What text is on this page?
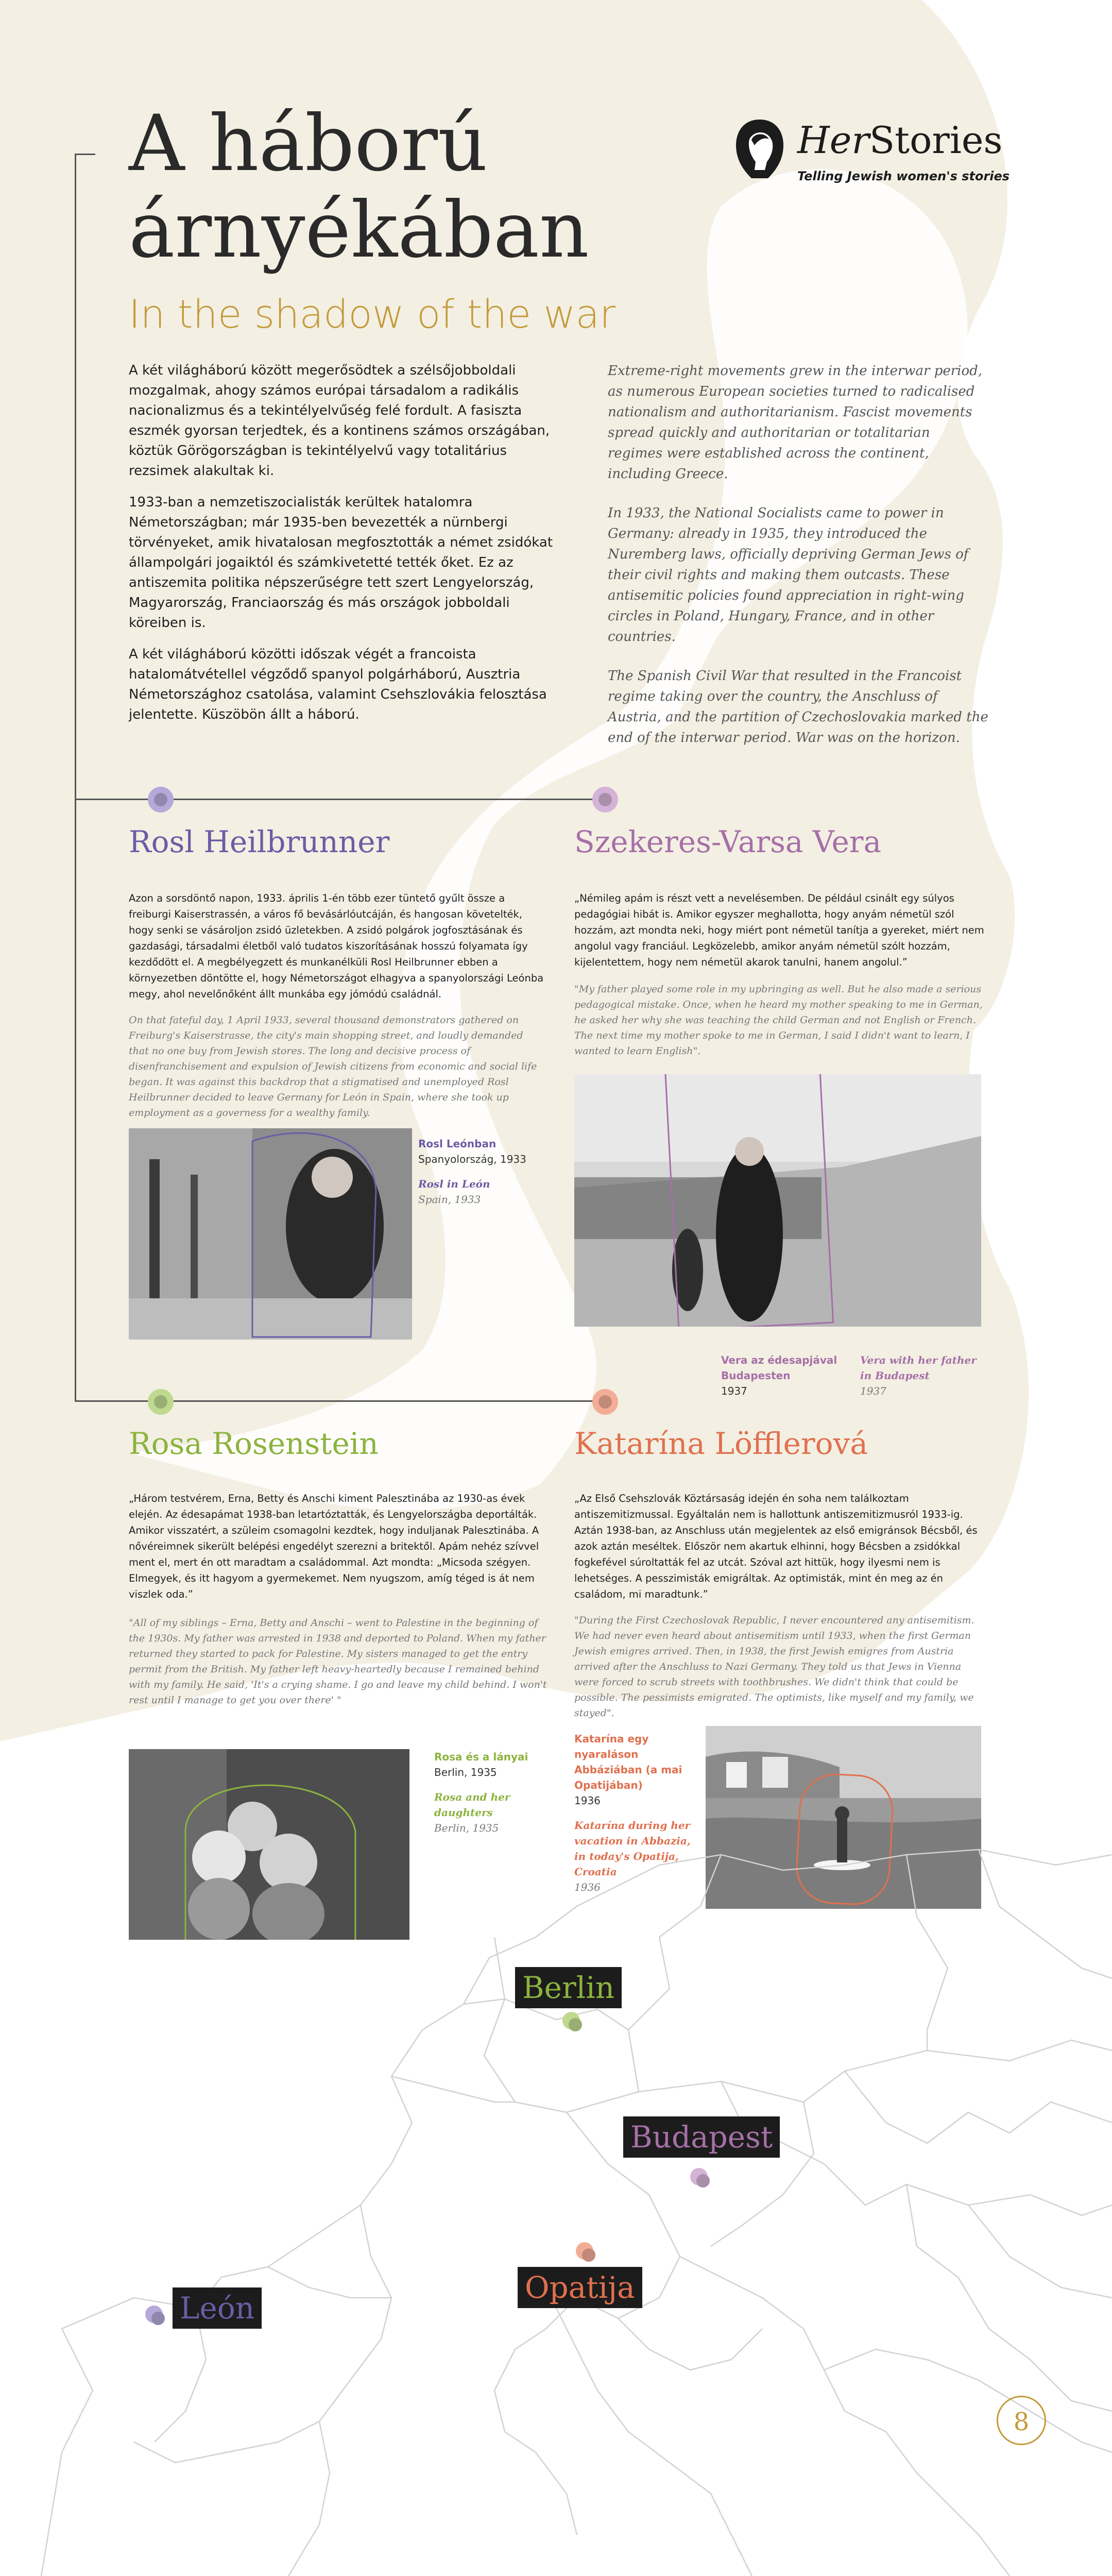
A háború
árnyékában
In the shadow of the war
HerStories
Telling Jewish women's stories

A két világháború között megerősödtek a szélsőjobboldali mozgalmak, ahogy számos európai társadalom a radikális nacionalizmus és a tekintélyelvűség felé fordult. A fasiszta eszmék gyorsan terjedtek, és a kontinens számos országában, köztük Görögországban is tekintélyelvű vagy totalitárius rezsimek alakultak ki.

1933-ban a nemzetiszocialisták kerültek hatalomra Németországban; már 1935-ben bevezették a nürnbergi törvényeket, amik hivatalosan megfosztották a német zsidókat állampolgári jogaiktól és számkivetetté tették őket. Ez az antiszemita politika népszerűségre tett szert Lengyelország, Magyarország, Franciaország és más országok jobboldali köreiben is.

A két világháború közötti időszak végét a francoista hatalomátvétellel végződő spanyol polgárháború, Ausztria Németországhoz csatolása, valamint Csehszlovákia felosztása jelentette. Küszöbön állt a háború.

Extreme-right movements grew in the interwar period, as numerous European societies turned to radicalised nationalism and authoritarianism. Fascist movements spread quickly and authoritarian or totalitarian regimes were established across the continent, including Greece.

In 1933, the National Socialists came to power in Germany: already in 1935, they introduced the Nuremberg laws, officially depriving German Jews of their civil rights and making them outcasts. These antisemitic policies found appreciation in right-wing circles in Poland, Hungary, France, and in other countries.

The Spanish Civil War that resulted in the Francoist regime taking over the country, the Anschluss of Austria, and the partition of Czechoslovakia marked the end of the interwar period. War was on the horizon.

Rosl Heilbrunner
Azon a sorsdöntő napon, 1933. április 1-én több ezer tüntető gyűlt össze a freiburgi Kaiserstrassén, a város fő bevásárlóutcáján, és hangosan követelték, hogy senki se vásároljon zsidó üzletekben. A zsidó polgárok jogfosztásának és gazdasági, társadalmi életből való tudatos kiszorításának hosszú folyamata így kezdődött el. A megbélyegzett és munkanélküli Rosl Heilbrunner ebben a környezetben döntötte el, hogy Németországot elhagyva a spanyolországi Leónba megy, ahol nevelőnőként állt munkába egy jómódú családnál.
On that fateful day, 1 April 1933, several thousand demonstrators gathered on Freiburg's Kaiserstrasse, the city's main shopping street, and loudly demanded that no one buy from Jewish stores. The long and decisive process of disenfranchisement and expulsion of Jewish citizens from economic and social life began. It was against this backdrop that a stigmatised and unemployed Rosl Heilbrunner decided to leave Germany for León in Spain, where she took up employment as a governess for a wealthy family.
Rosl Leónban
Spanyolország, 1933
Rosl in León
Spain, 1933
Szekeres-Varsa Vera
„Némileg apám is részt vett a nevelésemben. De például csinált egy súlyos pedagógiai hibát is. Amikor egyszer meghallotta, hogy anyám németül szól hozzám, azt mondta neki, hogy miért pont németül tanítja a gyereket, miért nem angolul vagy franciául. Legközelebb, amikor anyám németül szólt hozzám, kijelentettem, hogy nem németül akarok tanulni, hanem angolul.”
"My father played some role in my upbringing as well. But he also made a serious pedagogical mistake. Once, when he heard my mother speaking to me in German, he asked her why she was teaching the child German and not English or French. The next time my mother spoke to me in German, I said I didn't want to learn, I wanted to learn English".
Vera az édesapjával Budapesten
1937
Vera with her father in Budapest
1937
Rosa Rosenstein
„Három testvérem, Erna, Betty és Anschi kiment Palesztinába az 1930-as évek elején. Az édesapámat 1938-ban letartóztatták, és Lengyelországba deportálták. Amikor visszatért, a szüleim csomagolni kezdtek, hogy induljanak Palesztinába. A nővéreimnek sikerült belépési engedélyt szerezni a britektől. Apám nehéz szívvel ment el, mert én ott maradtam a családommal. Azt mondta: „Micsoda szégyen. Elmegyek, és itt hagyom a gyermekemet. Nem nyugszom, amíg téged is át nem viszlek oda.”
"All of my siblings – Erna, Betty and Anschi – went to Palestine in the beginning of the 1930s. My father was arrested in 1938 and deported to Poland. When my father returned they started to pack for Palestine. My sisters managed to get the entry permit from the British. My father left heavy-heartedly because I remained behind with my family. He said, 'It's a crying shame. I go and leave my child behind. I won't rest until I manage to get you over there' "
Rosa és a lányai
Berlin, 1935
Rosa and her daughters
Berlin, 1935
Katarína Löfflerová
„Az Első Csehszlovák Köztársaság idején én soha nem találkoztam antiszemitizmussal. Egyáltalán nem is hallottunk antiszemitizmusról 1933-ig. Aztán 1938-ban, az Anschluss után megjelentek az első emigránsok Bécsből, és azok aztán meséltek. Először nem akartuk elhinni, hogy Bécsben a zsidókkal fogkefével súroltatták fel az utcát. Szóval azt hittük, hogy ilyesmi nem is lehetséges. A pesszimisták emigráltak. Az optimisták, mint én meg az én családom, mi maradtunk.”
"During the First Czechoslovak Republic, I never encountered any antisemitism. We had never even heard about antisemitism until 1933, when the first German Jewish emigres arrived. Then, in 1938, the first Jewish emigres from Austria arrived after the Anschluss to Nazi Germany. They told us that Jews in Vienna were forced to scrub streets with toothbrushes. We didn't think that could be possible. The pessimists emigrated. The optimists, like myself and my family, we stayed".
Katarína egy nyaraláson Abbáziában (a mai Opatijában)
1936
Katarína during her vacation in Abbazia, in today's Opatija, Croatia
1936
Berlin
Budapest
Opatija
León
8
